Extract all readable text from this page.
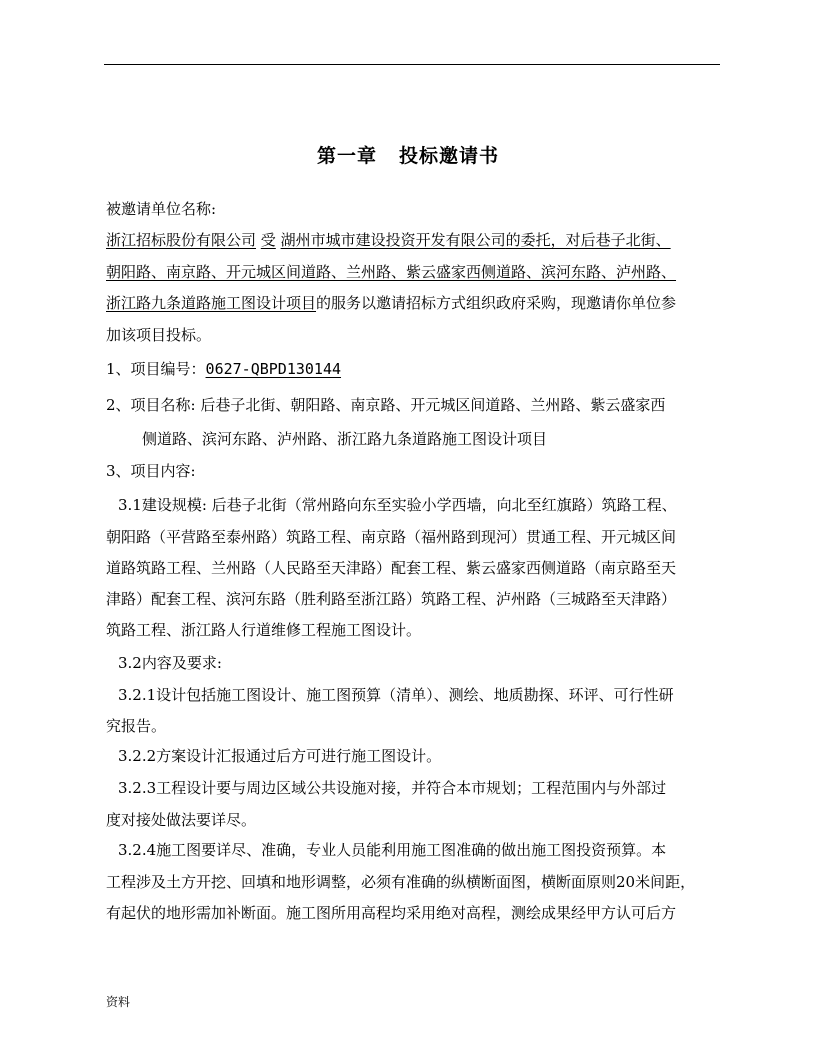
第一章 投标邀请书
被邀请单位名称:
浙江招标股份有限公司 受 湖州市城市建设投资开发有限公司的委托，对后巷子北街、
朝阳路、南京路、开元城区间道路、兰州路、紫云盛家西侧道路、滨河东路、泸州路、
浙江路九条道路施工图设计项目的服务以邀请招标方式组织政府采购，现邀请你单位参
加该项目投标。
1、项目编号：0627-QBPD130144
2、项目名称: 后巷子北街、朝阳路、南京路、开元城区间道路、兰州路、紫云盛家西
侧道路、滨河东路、泸州路、浙江路九条道路施工图设计项目
3、项目内容:
3.1建设规模: 后巷子北街（常州路向东至实验小学西墙，向北至红旗路）筑路工程、
朝阳路（平营路至泰州路）筑路工程、南京路（福州路到现河）贯通工程、开元城区间
道路筑路工程、兰州路（人民路至天津路）配套工程、紫云盛家西侧道路（南京路至天
津路）配套工程、滨河东路（胜利路至浙江路）筑路工程、泸州路（三城路至天津路）
筑路工程、浙江路人行道维修工程施工图设计。
3.2内容及要求:
3.2.1设计包括施工图设计、施工图预算（清单）、测绘、地质勘探、环评、可行性研
究报告。
3.2.2方案设计汇报通过后方可进行施工图设计。
3.2.3工程设计要与周边区域公共设施对接，并符合本市规划；工程范围内与外部过
度对接处做法要详尽。
3.2.4施工图要详尽、准确，专业人员能利用施工图准确的做出施工图投资预算。本
工程涉及土方开挖、回填和地形调整，必须有准确的纵横断面图，横断面原则20米间距，
有起伏的地形需加补断面。施工图所用高程均采用绝对高程，测绘成果经甲方认可后方
资料
